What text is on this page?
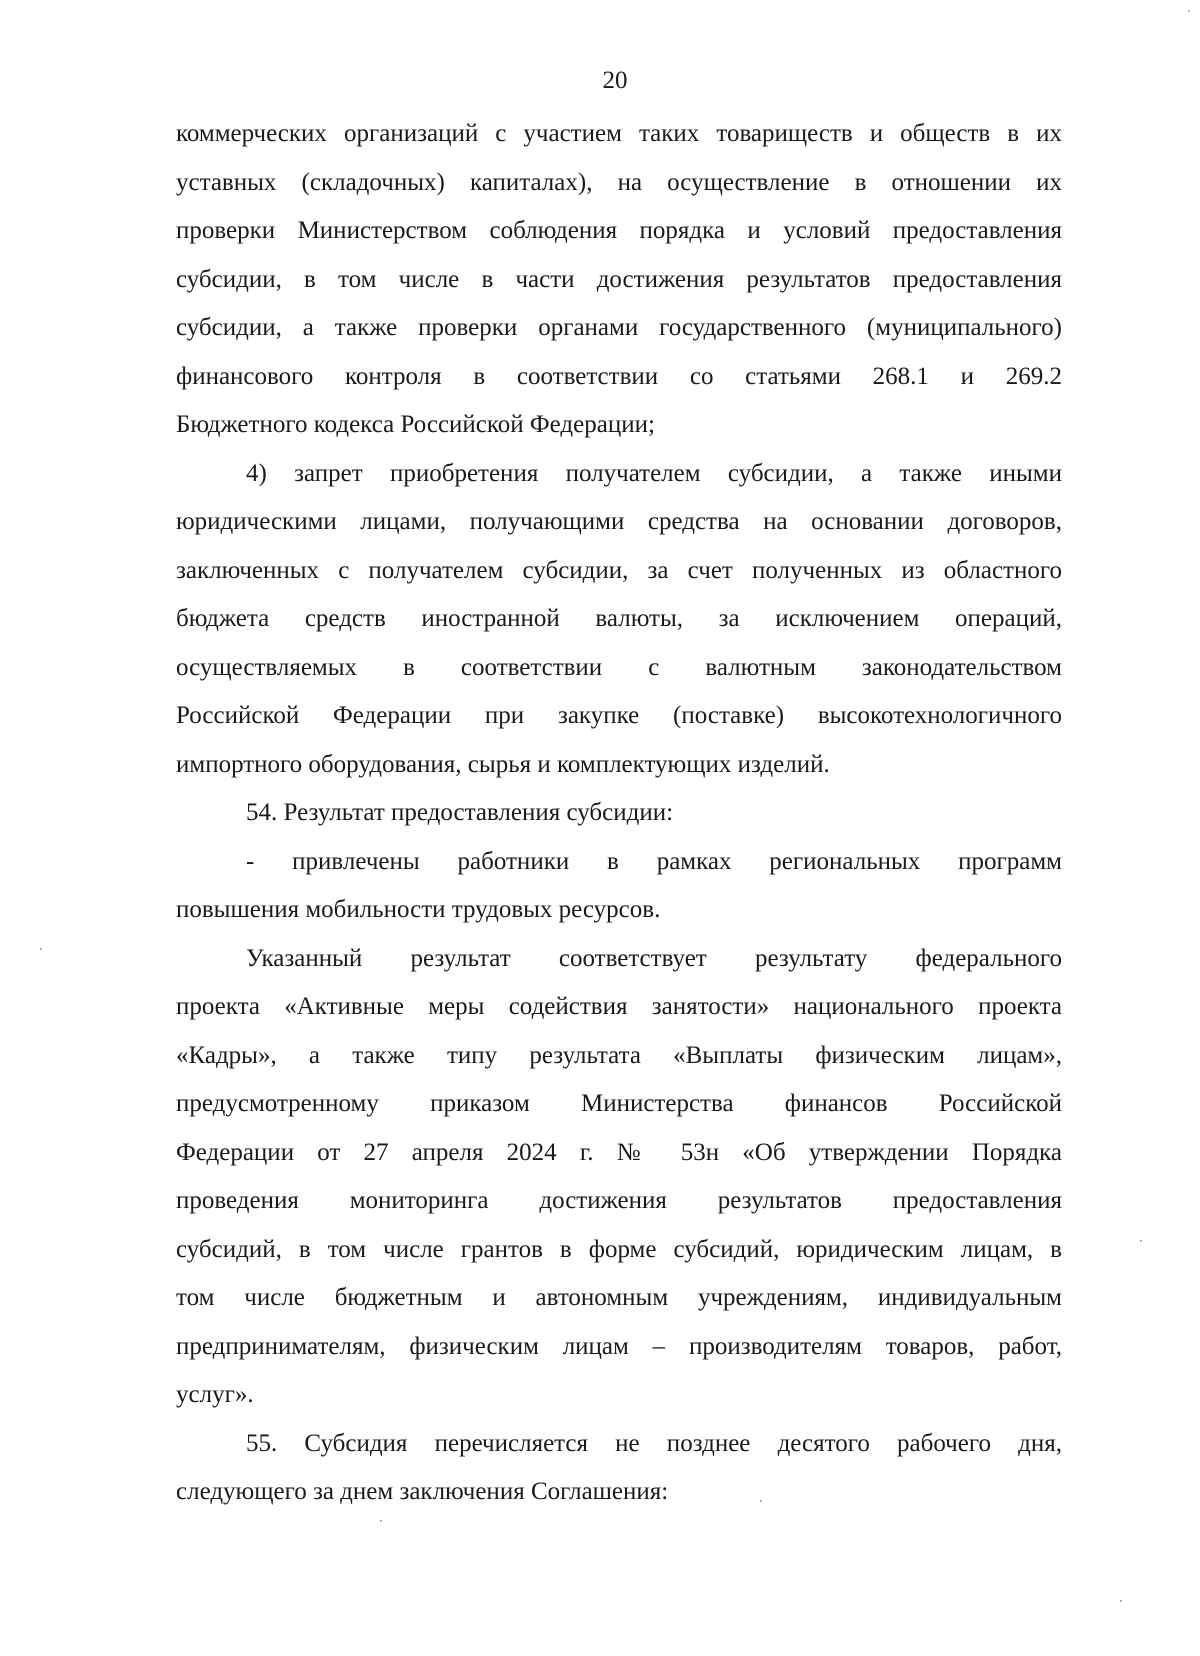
20
коммерческих организаций с участием таких товариществ и обществ в их
уставных (складочных) капиталах), на осуществление в отношении их
проверки Министерством соблюдения порядка и условий предоставления
субсидии, в том числе в части достижения результатов предоставления
субсидии, а также проверки органами государственного (муниципального)
финансового контроля в соответствии со статьями 268.1 и 269.2
Бюджетного кодекса Российской Федерации;
4) запрет приобретения получателем субсидии, а также иными
юридическими лицами, получающими средства на основании договоров,
заключенных с получателем субсидии, за счет полученных из областного
бюджета средств иностранной валюты, за исключением операций,
осуществляемых в соответствии с валютным законодательством
Российской Федерации при закупке (поставке) высокотехнологичного
импортного оборудования, сырья и комплектующих изделий.
54. Результат предоставления субсидии:
- привлечены работники в рамках региональных программ
повышения мобильности трудовых ресурсов.
Указанный результат соответствует результату федерального
проекта «Активные меры содействия занятости» национального проекта
«Кадры», а также типу результата «Выплаты физическим лицам»,
предусмотренному приказом Министерства финансов Российской
Федерации от 27 апреля 2024 г. № 53н «Об утверждении Порядка
проведения мониторинга достижения результатов предоставления
субсидий, в том числе грантов в форме субсидий, юридическим лицам, в
том числе бюджетным и автономным учреждениям, индивидуальным
предпринимателям, физическим лицам – производителям товаров, работ,
услуг».
55. Субсидия перечисляется не позднее десятого рабочего дня,
следующего за днем заключения Соглашения:
